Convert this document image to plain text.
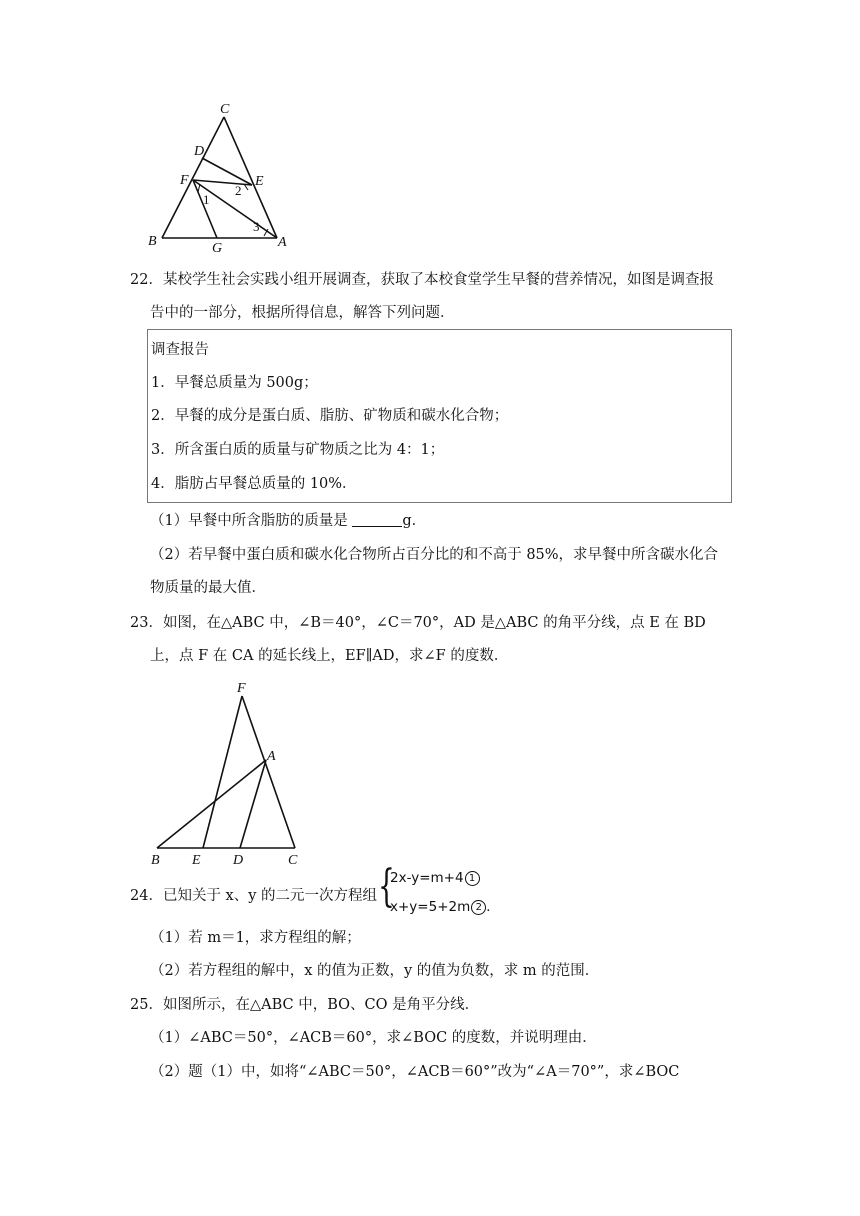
C
D
E
F
B	G	A
1
2
3
22．某校学生社会实践小组开展调查，获取了本校食堂学生早餐的营养情况，如图是调查报
告中的一部分，根据所得信息，解答下列问题．
调查报告
1．早餐总质量为 500g；
2．早餐的成分是蛋白质、脂肪、矿物质和碳水化合物；
3．所含蛋白质的质量与矿物质之比为 4：1；
4．脂肪占早餐总质量的 10%．
（1）早餐中所含脂肪的质量是	g．
（2）若早餐中蛋白质和碳水化合物所占百分比的和不高于 85%，求早餐中所含碳水化合
物质量的最大值．
23．如图，在△ABC 中，∠B＝40°，∠C＝70°，AD 是△ABC 的角平分线，点 E 在 BD
上，点 F 在 CA 的延长线上，EF∥AD，求∠F 的度数．
F
A
B E D	C
24．已知关于 x、y 的二元一次方程组 {
2x-y=m+4 1
x+y=5+2m 2 ．
（1）若 m＝1，求方程组的解；
（2）若方程组的解中，x 的值为正数，y 的值为负数，求 m 的范围．
25．如图所示，在△ABC 中，BO、CO 是角平分线．
（1）∠ABC＝50°，∠ACB＝60°，求∠BOC 的度数，并说明理由．
（2）题（1）中，如将“∠ABC＝50°，∠ACB＝60°”改为“∠A＝70°”，求∠BOC
